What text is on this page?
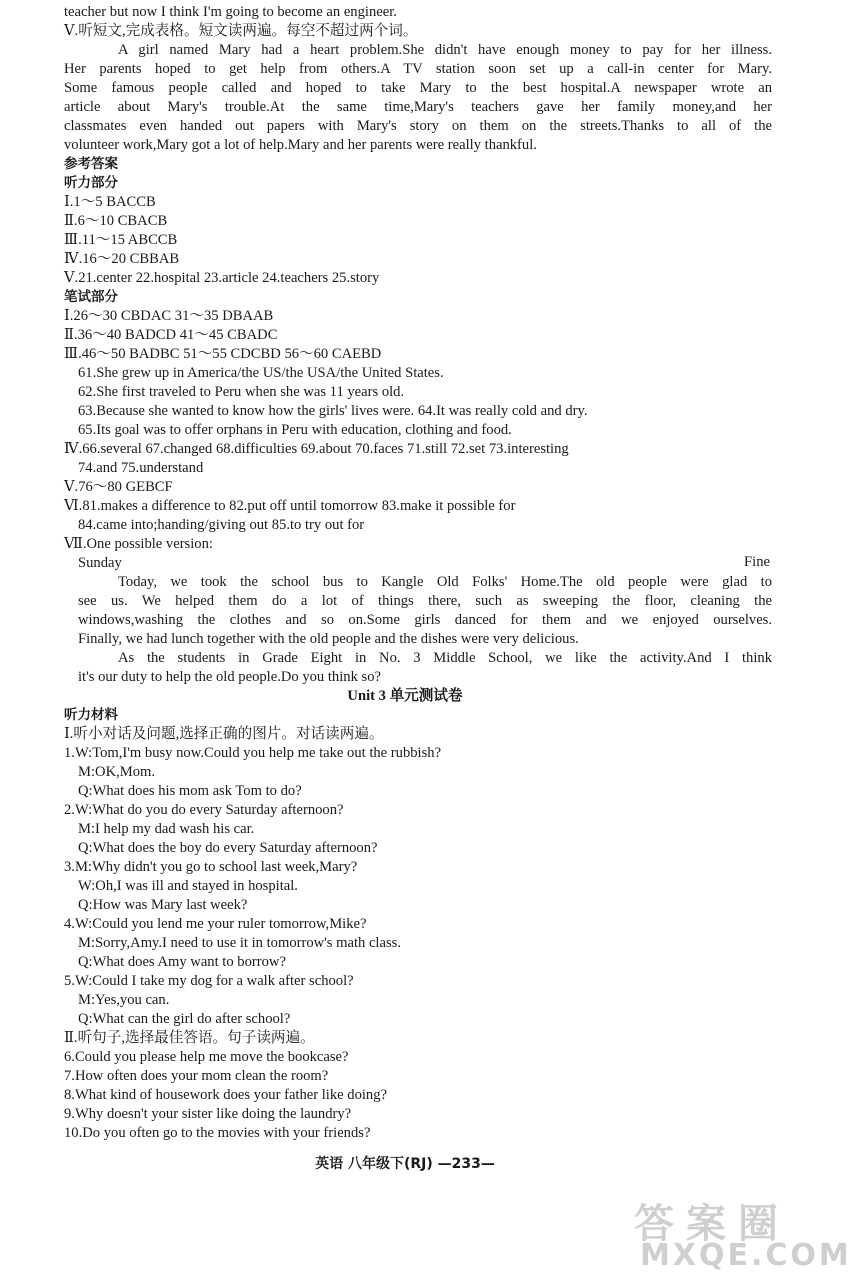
teacher but now I think I'm going to become an engineer.
Ⅴ.听短文,完成表格。短文读两遍。每空不超过两个词。
A girl named Mary had a heart problem.She didn't have enough money to pay for her illness.
Her parents hoped to get help from others.A TV station soon set up a call-in center for Mary.
Some famous people called and hoped to take Mary to the best hospital.A newspaper wrote an
article about Mary's trouble.At the same time,Mary's teachers gave her family money,and her
classmates even handed out papers with Mary's story on them on the streets.Thanks to all of the
volunteer work,Mary got a lot of help.Mary and her parents were really thankful.
参考答案
听力部分
Ⅰ.1～5 BACCB
Ⅱ.6～10 CBACB
Ⅲ.11～15 ABCCB
Ⅳ.16～20 CBBAB
Ⅴ.21.center 22.hospital 23.article 24.teachers 25.story
笔试部分
Ⅰ.26～30 CBDAC 31～35 DBAAB
Ⅱ.36～40 BADCD 41～45 CBADC
Ⅲ.46～50 BADBC 51～55 CDCBD 56～60 CAEBD
61.She grew up in America/the US/the USA/the United States.
62.She first traveled to Peru when she was 11 years old.
63.Because she wanted to know how the girls' lives were. 64.It was really cold and dry.
65.Its goal was to offer orphans in Peru with education, clothing and food.
Ⅳ.66.several 67.changed 68.difficulties 69.about 70.faces 71.still 72.set 73.interesting
74.and 75.understand
Ⅴ.76～80 GEBCF
Ⅵ.81.makes a difference to 82.put off until tomorrow 83.make it possible for
84.came into;handing/giving out 85.to try out for
Ⅶ.One possible version:
Sunday
Today, we took the school bus to Kangle Old Folks' Home.The old people were glad to
see us. We helped them do a lot of things there, such as sweeping the floor, cleaning the
windows,washing the clothes and so on.Some girls danced for them and we enjoyed ourselves.
Finally, we had lunch together with the old people and the dishes were very delicious.
As the students in Grade Eight in No. 3 Middle School, we like the activity.And I think
it's our duty to help the old people.Do you think so?
Unit 3 单元测试卷
听力材料
Ⅰ.听小对话及问题,选择正确的图片。对话读两遍。
1.W:Tom,I'm busy now.Could you help me take out the rubbish?
M:OK,Mom.
Q:What does his mom ask Tom to do?
2.W:What do you do every Saturday afternoon?
M:I help my dad wash his car.
Q:What does the boy do every Saturday afternoon?
3.M:Why didn't you go to school last week,Mary?
W:Oh,I was ill and stayed in hospital.
Q:How was Mary last week?
4.W:Could you lend me your ruler tomorrow,Mike?
M:Sorry,Amy.I need to use it in tomorrow's math class.
Q:What does Amy want to borrow?
5.W:Could I take my dog for a walk after school?
M:Yes,you can.
Q:What can the girl do after school?
Ⅱ.听句子,选择最佳答语。句子读两遍。
6.Could you please help me move the bookcase?
7.How often does your mom clean the room?
8.What kind of housework does your father like doing?
9.Why doesn't your sister like doing the laundry?
10.Do you often go to the movies with your friends?
Fine
英语 八年级下(RJ) —233—
答 案 圈
MXQE.COM
